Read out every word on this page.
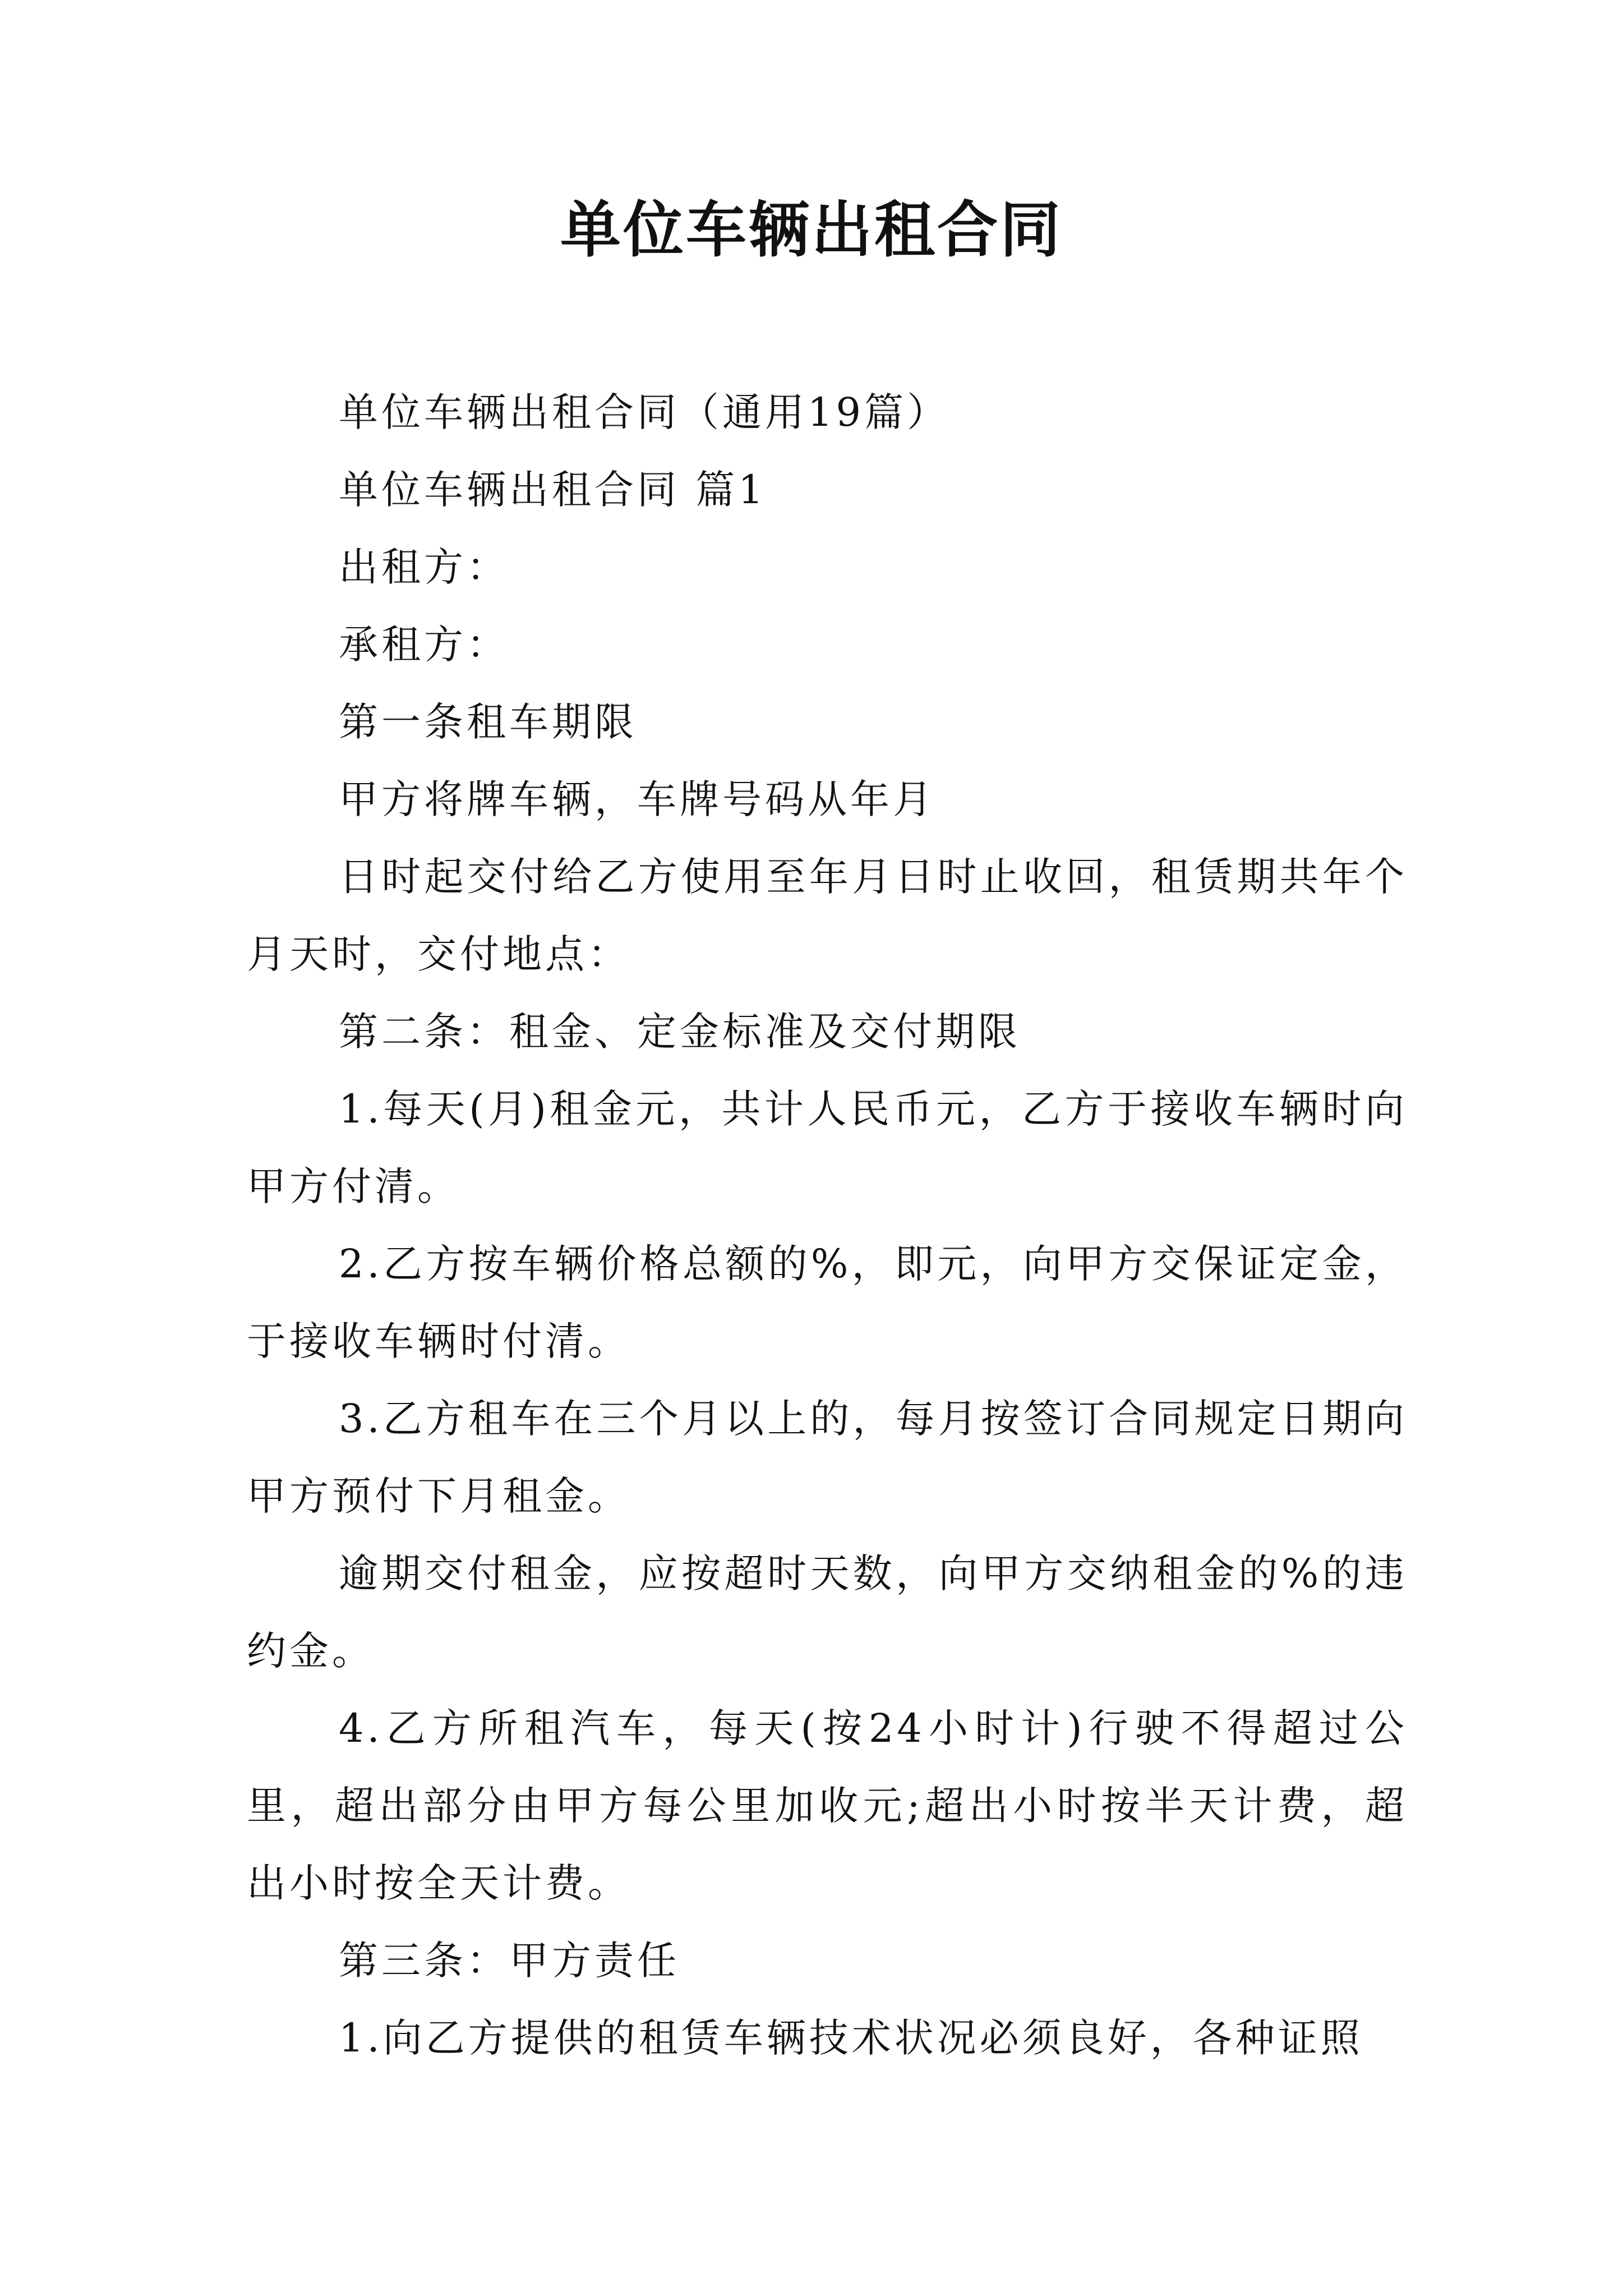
单位车辆出租合同

单位车辆出租合同（通用19篇）

单位车辆出租合同 篇1

出租方：

承租方：

第一条租车期限

甲方将牌车辆，车牌号码从年月

日时起交付给乙方使用至年月日时止收回，租赁期共年个月天时，交付地点：

第二条：租金、定金标准及交付期限

1.每天(月)租金元，共计人民币元，乙方于接收车辆时向甲方付清。

2.乙方按车辆价格总额的%，即元，向甲方交保证定金，于接收车辆时付清。

3.乙方租车在三个月以上的，每月按签订合同规定日期向甲方预付下月租金。

逾期交付租金，应按超时天数，向甲方交纳租金的%的违约金。

4.乙方所租汽车，每天(按24小时计)行驶不得超过公里，超出部分由甲方每公里加收元;超出小时按半天计费，超出小时按全天计费。

第三条：甲方责任

1.向乙方提供的租赁车辆技术状况必须良好，各种证照
